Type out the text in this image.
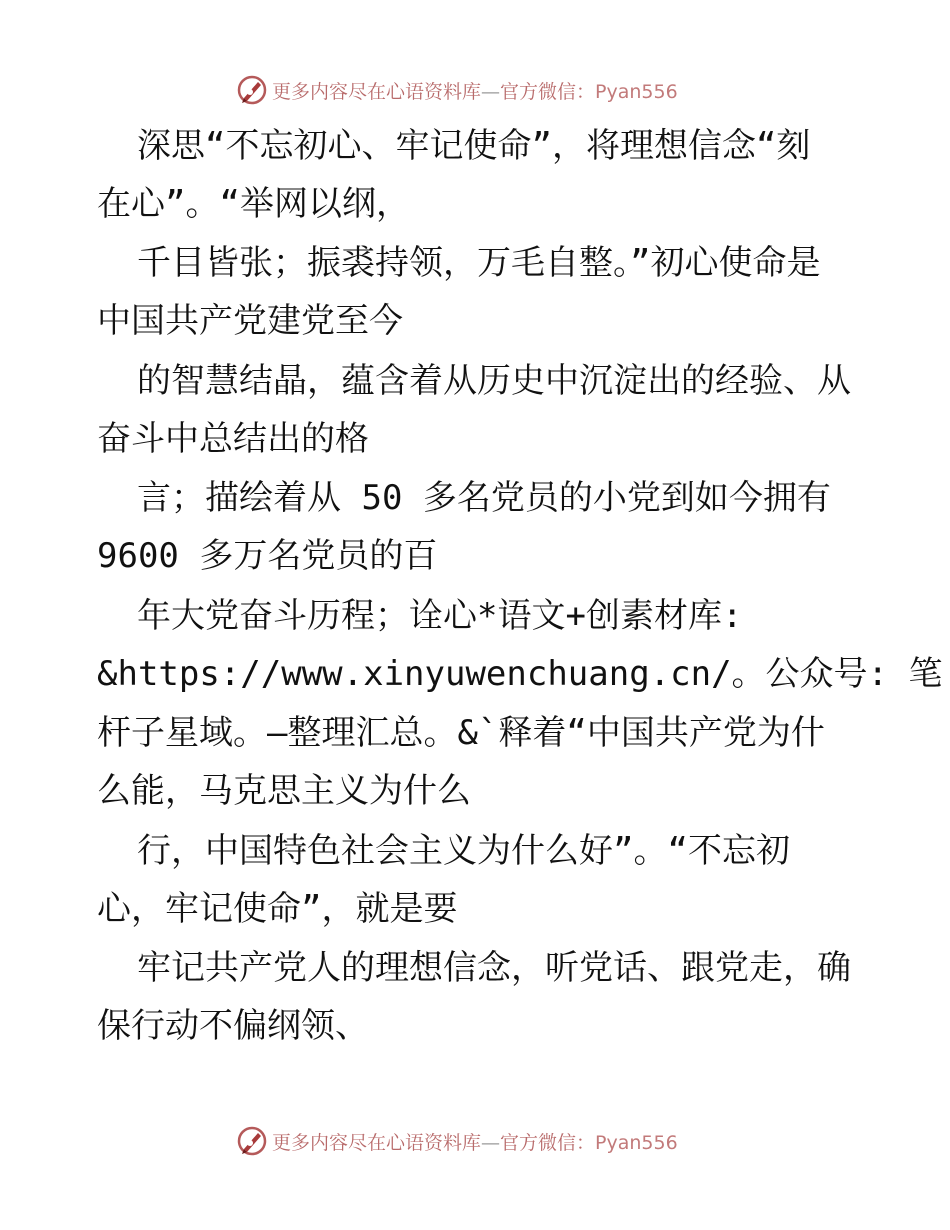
更多内容尽在心语资料库—官方微信：Pyan556
深思“不忘初心、牢记使命”，将理想信念“刻
在心”。“举网以纲，
千目皆张；振裘持领，万毛自整。”初心使命是
中国共产党建党至今
的智慧结晶，蕴含着从历史中沉淀出的经验、从
奋斗中总结出的格
言；描绘着从 50 多名党员的小党到如今拥有
9600 多万名党员的百
年大党奋斗历程；诠心*语文+创素材库:
&https://www.xinyuwenchuang.cn/。公众号: 笔
杆子星域。—整理汇总。&`释着“中国共产党为什
么能，马克思主义为什么
行，中国特色社会主义为什么好”。“不忘初
心，牢记使命”，就是要
牢记共产党人的理想信念，听党话、跟党走，确
保行动不偏纲领、
更多内容尽在心语资料库—官方微信：Pyan556
